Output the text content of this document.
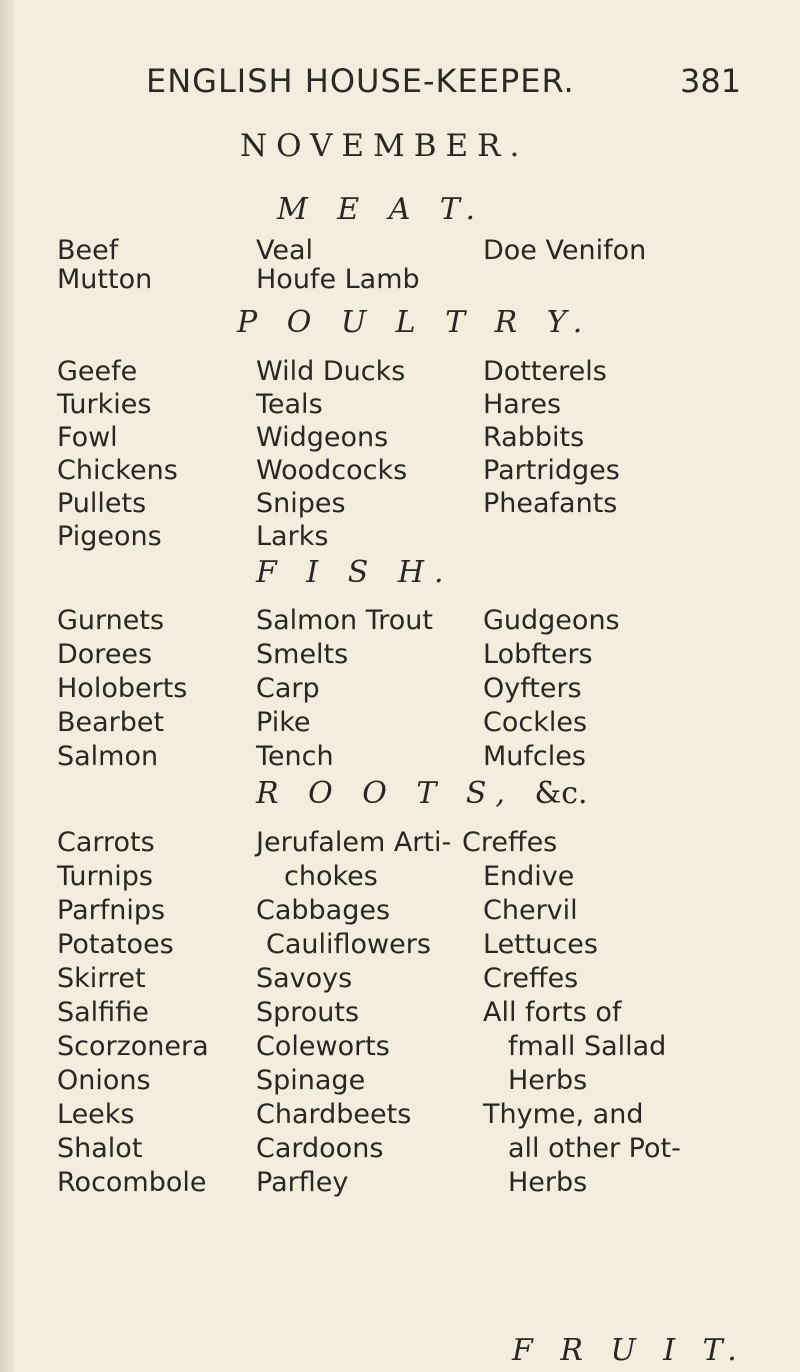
ENGLISH HOUSE-KEEPER.	381
NOVEMBER.
M E A T.
Beef
Mutton
Veal
Houfe Lamb
Doe Venifon
P O U L T R Y.
Geefe
Turkies
Fowl
Chickens
Pullets
Pigeons
Wild Ducks
Teals
Widgeons
Woodcocks
Snipes
Larks
Dotterels
Hares
Rabbits
Partridges
Pheafants
F I S H.
Gurnets
Dorees
Holoberts
Bearbet
Salmon
Salmon Trout
Smelts
Carp
Pike
Tench
Gudgeons
Lobfters
Oyfters
Cockles
Mufcles
R O O T S, &c.
Carrots
Turnips
Parfnips
Potatoes
Skirret
Salfifie
Scorzonera
Onions
Leeks
Shalot
Rocombole
Jerufalem Arti-
chokes
Cabbages
Cauliflowers
Savoys
Sprouts
Coleworts
Spinage
Chardbeets
Cardoons
Parfley
Creffes
Endive
Chervil
Lettuces
Creffes
All forts of
fmall Sallad
Herbs
Thyme, and
all other Pot-
Herbs
F R U I T.
